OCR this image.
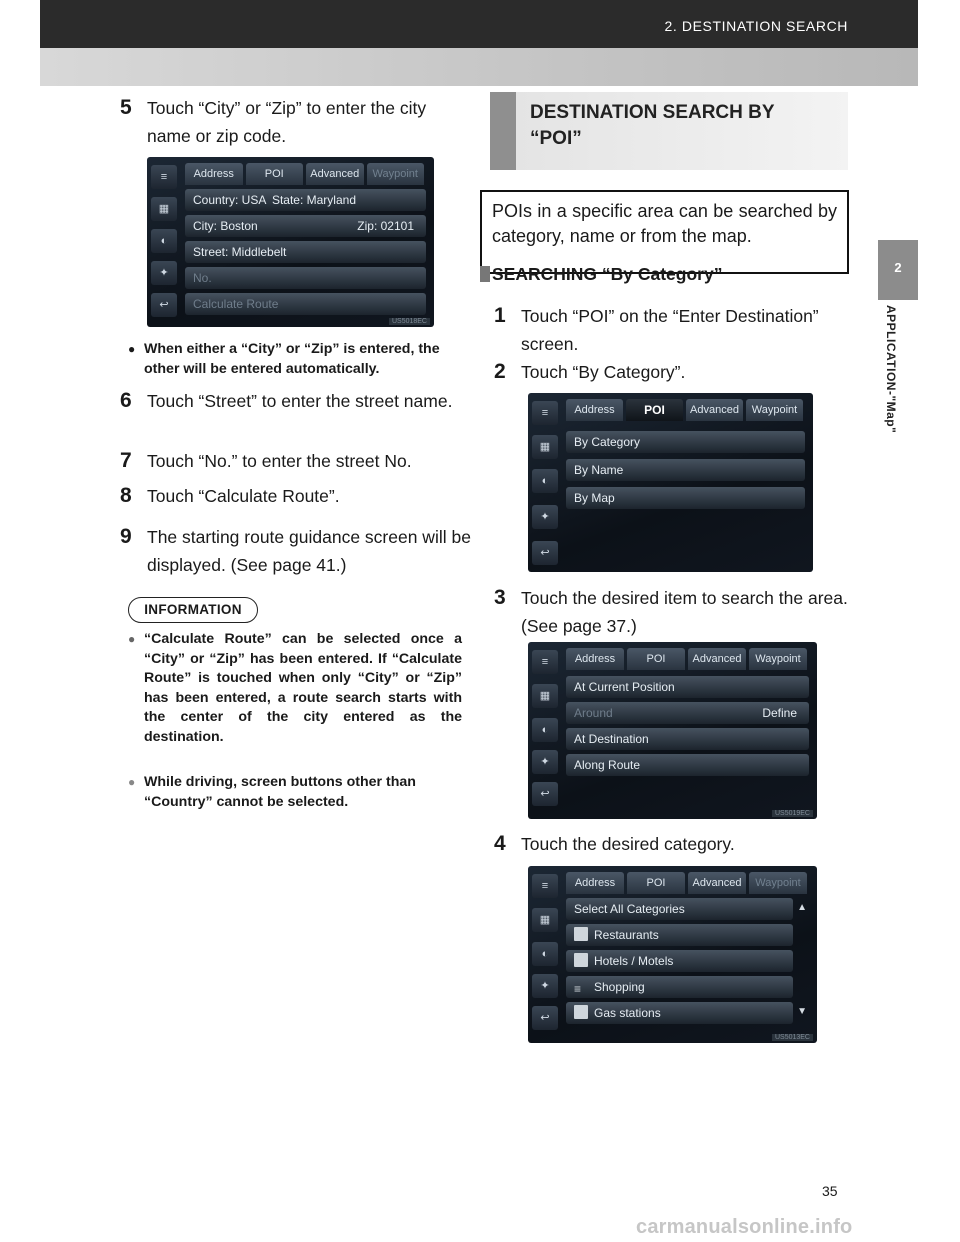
2. DESTINATION SEARCH
2
APPLICATION-"Map"
5 Touch “City” or “Zip” to enter the city name or zip code.
≡
▦
◐
✦
↩
Address	POI	Advanced	Waypoint
Country: USA State: Maryland
City: Boston	Zip: 02101
Street: Middlebelt
No.
Calculate Route
US5018EC
● When either a “City” or “Zip” is entered, the other will be entered automatically.
6 Touch “Street” to enter the street name.
7 Touch “No.” to enter the street No.
8 Touch “Calculate Route”.
9 The starting route guidance screen will be displayed. (See page 41.)
INFORMATION
● “Calculate Route” can be selected once a “City” or “Zip” has been entered. If “Calculate Route” is touched when only “City” or “Zip” has been entered, a route search starts with the center of the city entered as the destination.
● While driving, screen buttons other than “Country” cannot be selected.
DESTINATION SEARCH BY “POI”
POIs in a specific area can be searched by category, name or from the map.
SEARCHING “By Category”
1 Touch “POI” on the “Enter Destination” screen.
2 Touch “By Category”.
≡
▦
◐
✦
↩
Address	POI	Advanced	Waypoint
By Category
By Name
By Map
3 Touch the desired item to search the area. (See page 37.)
≡
▦
◐
✦
↩
Address	POI	Advanced	Waypoint
At Current Position
Around	Define
At Destination
Along Route
US5019EC
4 Touch the desired category.
≡
▦
◐
✦
↩
Address	POI	Advanced	Waypoint
Select All Categories
Restaurants
Hotels / Motels
≡ Shopping
Gas stations
▲
▼
US5013EC
35
carmanualsonline.info
